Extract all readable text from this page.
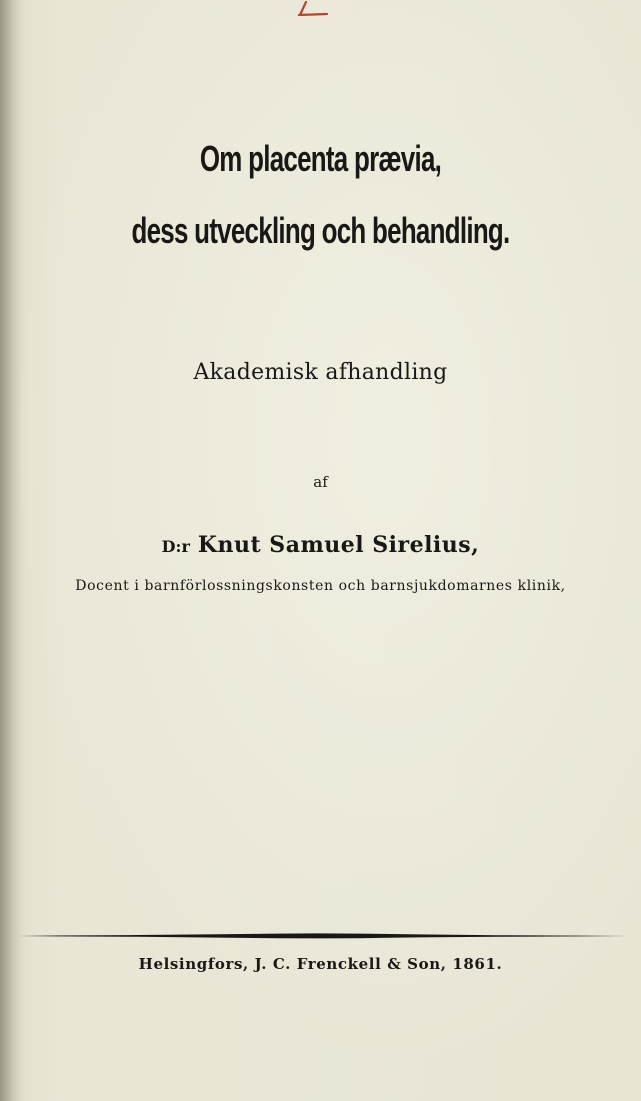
Om placenta prævia,
dess utveckling och behandling.
Akademisk afhandling
af
D:r Knut Samuel Sirelius,
Docent i barnförlossningskonsten och barnsjukdomarnes klinik,
Helsingfors, J. C. Frenckell & Son, 1861.
